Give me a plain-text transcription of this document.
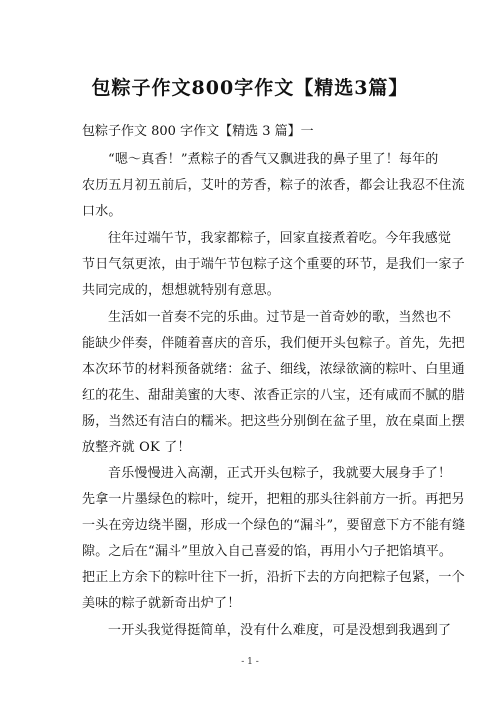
包粽子作文800字作文【精选3篇】
包粽子作文 800 字作文【精选 3 篇】一
“嗯～真香！”煮粽子的香气又飘进我的鼻子里了！每年的
农历五月初五前后，艾叶的芳香，粽子的浓香，都会让我忍不住流
口水。
往年过端午节，我家都粽子，回家直接煮着吃。今年我感觉
节日气氛更浓，由于端午节包粽子这个重要的环节，是我们一家子
共同完成的，想想就特别有意思。
生活如一首奏不完的乐曲。过节是一首奇妙的歌，当然也不
能缺少伴奏，伴随着喜庆的音乐，我们便开头包粽子。首先，先把
本次环节的材料预备就绪：盆子、细线，浓绿欲滴的粽叶、白里通
红的花生、甜甜美蜜的大枣、浓香正宗的八宝，还有咸而不腻的腊
肠，当然还有洁白的糯米。把这些分别倒在盆子里，放在桌面上摆
放整齐就 OK 了！
音乐慢慢进入高潮，正式开头包粽子，我就要大展身手了！
先拿一片墨绿色的粽叶，绽开，把粗的那头往斜前方一折。再把另
一头在旁边绕半圈，形成一个绿色的“漏斗”，要留意下方不能有缝
隙。之后在“漏斗”里放入自己喜爱的馅，再用小勺子把馅填平。
把正上方余下的粽叶往下一折，沿折下去的方向把粽子包紧，一个
美味的粽子就新奇出炉了！
一开头我觉得挺简单，没有什么难度，可是没想到我遇到了
- 1 -
